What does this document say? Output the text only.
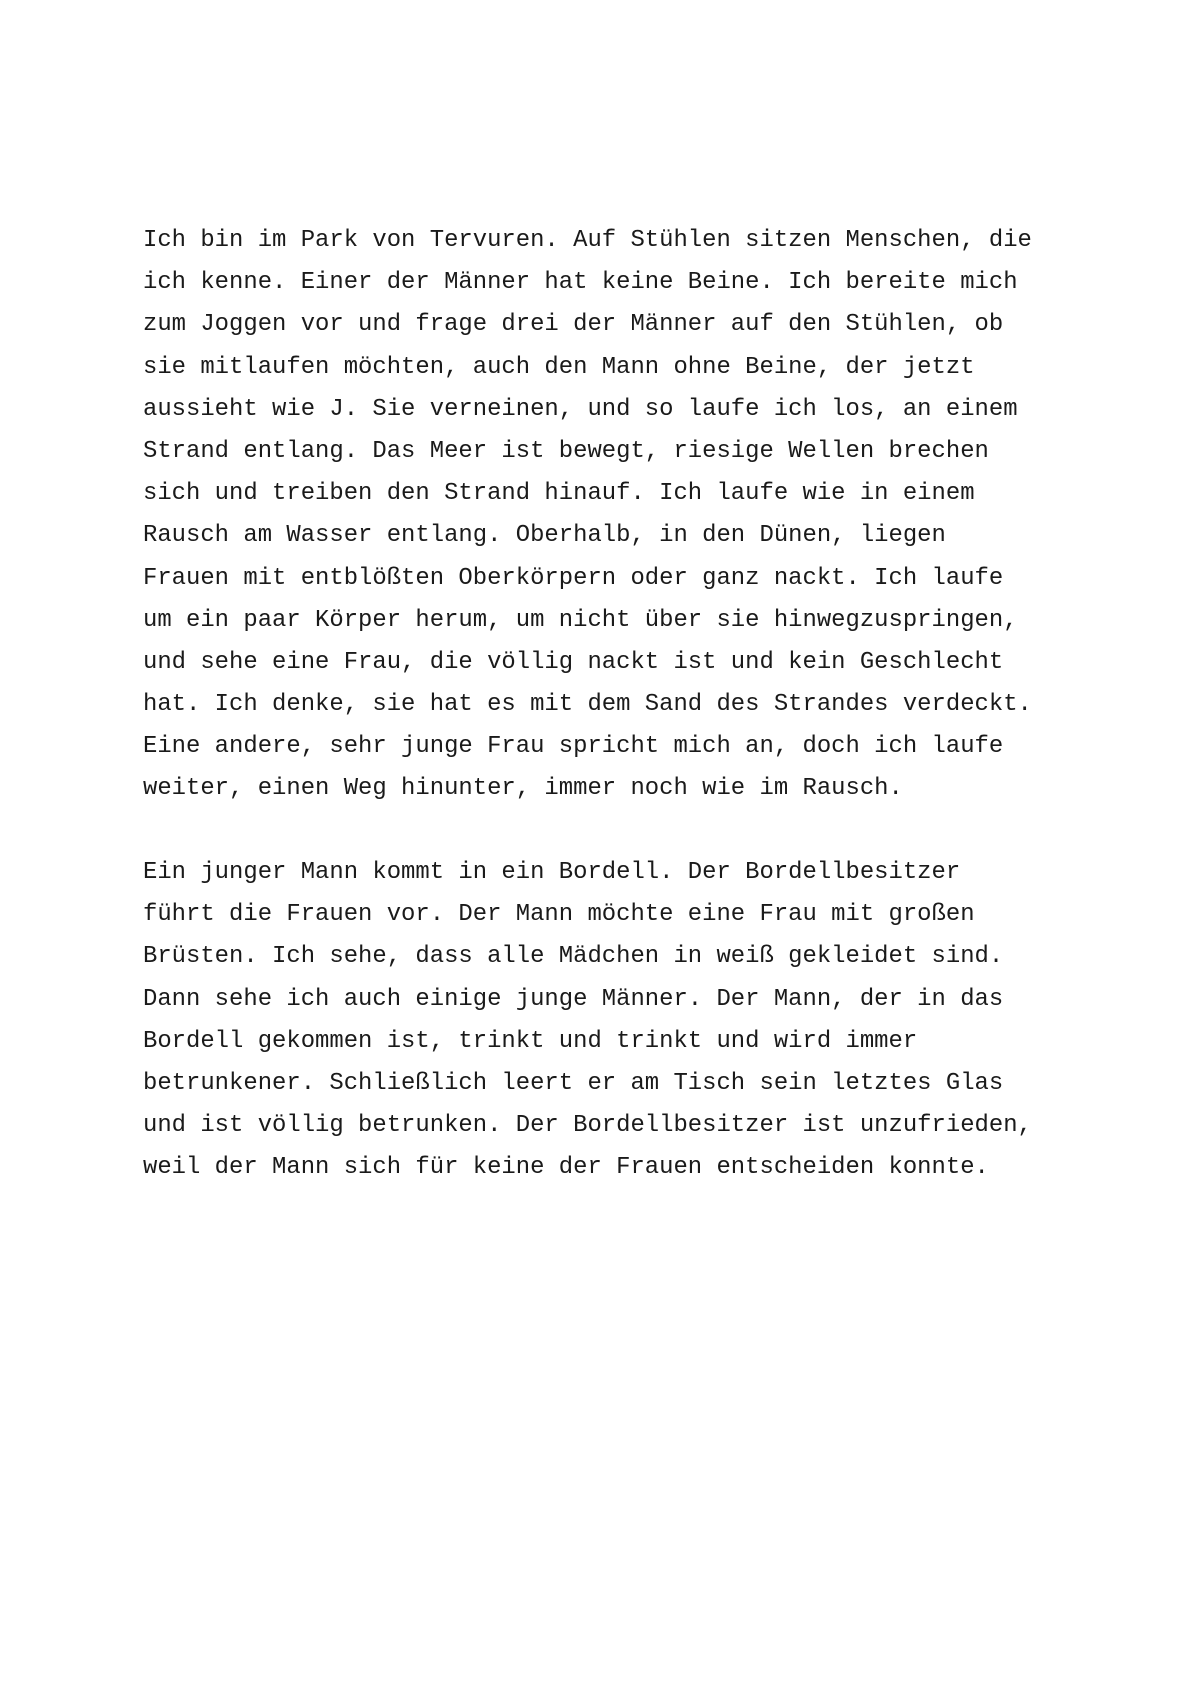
Ich bin im Park von Tervuren. Auf Stühlen sitzen Menschen, die
ich kenne. Einer der Männer hat keine Beine. Ich bereite mich
zum Joggen vor und frage drei der Männer auf den Stühlen, ob
sie mitlaufen möchten, auch den Mann ohne Beine, der jetzt
aussieht wie J. Sie verneinen, und so laufe ich los, an einem
Strand entlang. Das Meer ist bewegt, riesige Wellen brechen
sich und treiben den Strand hinauf. Ich laufe wie in einem
Rausch am Wasser entlang. Oberhalb, in den Dünen, liegen
Frauen mit entblößten Oberkörpern oder ganz nackt. Ich laufe
um ein paar Körper herum, um nicht über sie hinwegzuspringen,
und sehe eine Frau, die völlig nackt ist und kein Geschlecht
hat. Ich denke, sie hat es mit dem Sand des Strandes verdeckt.
Eine andere, sehr junge Frau spricht mich an, doch ich laufe
weiter, einen Weg hinunter, immer noch wie im Rausch.
Ein junger Mann kommt in ein Bordell. Der Bordellbesitzer
führt die Frauen vor. Der Mann möchte eine Frau mit großen
Brüsten. Ich sehe, dass alle Mädchen in weiß gekleidet sind.
Dann sehe ich auch einige junge Männer. Der Mann, der in das
Bordell gekommen ist, trinkt und trinkt und wird immer
betrunkener. Schließlich leert er am Tisch sein letztes Glas
und ist völlig betrunken. Der Bordellbesitzer ist unzufrieden,
weil der Mann sich für keine der Frauen entscheiden konnte.
